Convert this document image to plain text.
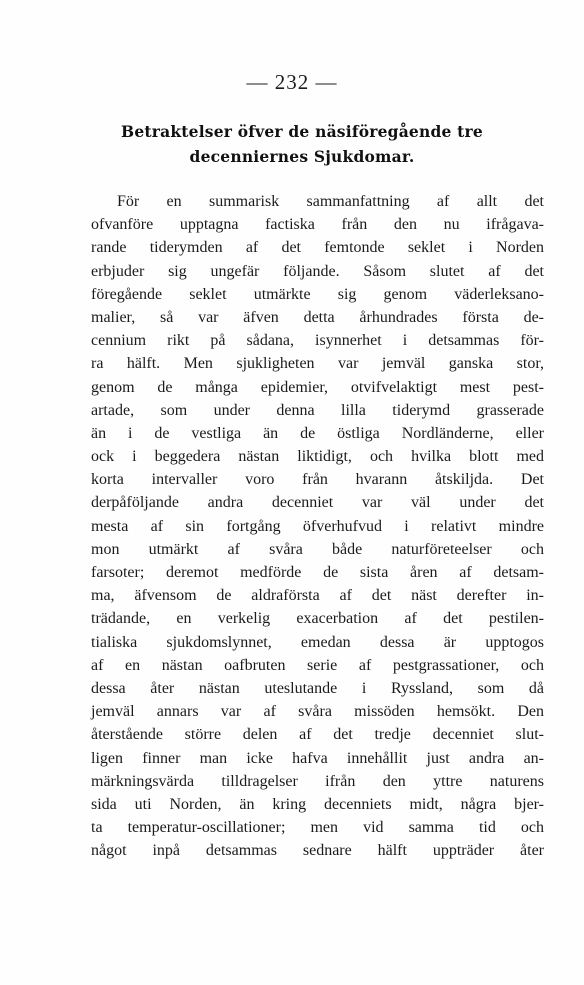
— 232 —
Betraktelser öfver de näsiföregående tre
decenniernes Sjukdomar.
För en summarisk sammanfattning af allt det
ofvanföre upptagna factiska från den nu ifrågava-
rande tiderymden af det femtonde seklet i Norden
erbjuder sig ungefär följande. Såsom slutet af det
föregående seklet utmärkte sig genom väderleksano-
malier, så var äfven detta århundrades första de-
cennium rikt på sådana, isynnerhet i detsammas för-
ra hälft. Men sjukligheten var jemväl ganska stor,
genom de många epidemier, otvifvelaktigt mest pest-
artade, som under denna lilla tiderymd grasserade
än i de vestliga än de östliga Nordländerne, eller
ock i beggedera nästan liktidigt, och hvilka blott med
korta intervaller voro från hvarann åtskiljda. Det
derpåföljande andra decenniet var väl under det
mesta af sin fortgång öfverhufvud i relativt mindre
mon utmärkt af svåra både naturföreteelser och
farsoter; deremot medförde de sista åren af detsam-
ma, äfvensom de aldraförsta af det näst derefter in-
trädande, en verkelig exacerbation af det pestilen-
tialiska sjukdomslynnet, emedan dessa är upptogos
af en nästan oafbruten serie af pestgrassationer, och
dessa åter nästan uteslutande i Ryssland, som då
jemväl annars var af svåra missöden hemsökt. Den
återstående större delen af det tredje decenniet slut-
ligen finner man icke hafva innehållit just andra an-
märkningsvärda tilldragelser ifrån den yttre naturens
sida uti Norden, än kring decenniets midt, några bjer-
ta temperatur-oscillationer; men vid samma tid och
något inpå detsammas sednare hälft uppträder åter
